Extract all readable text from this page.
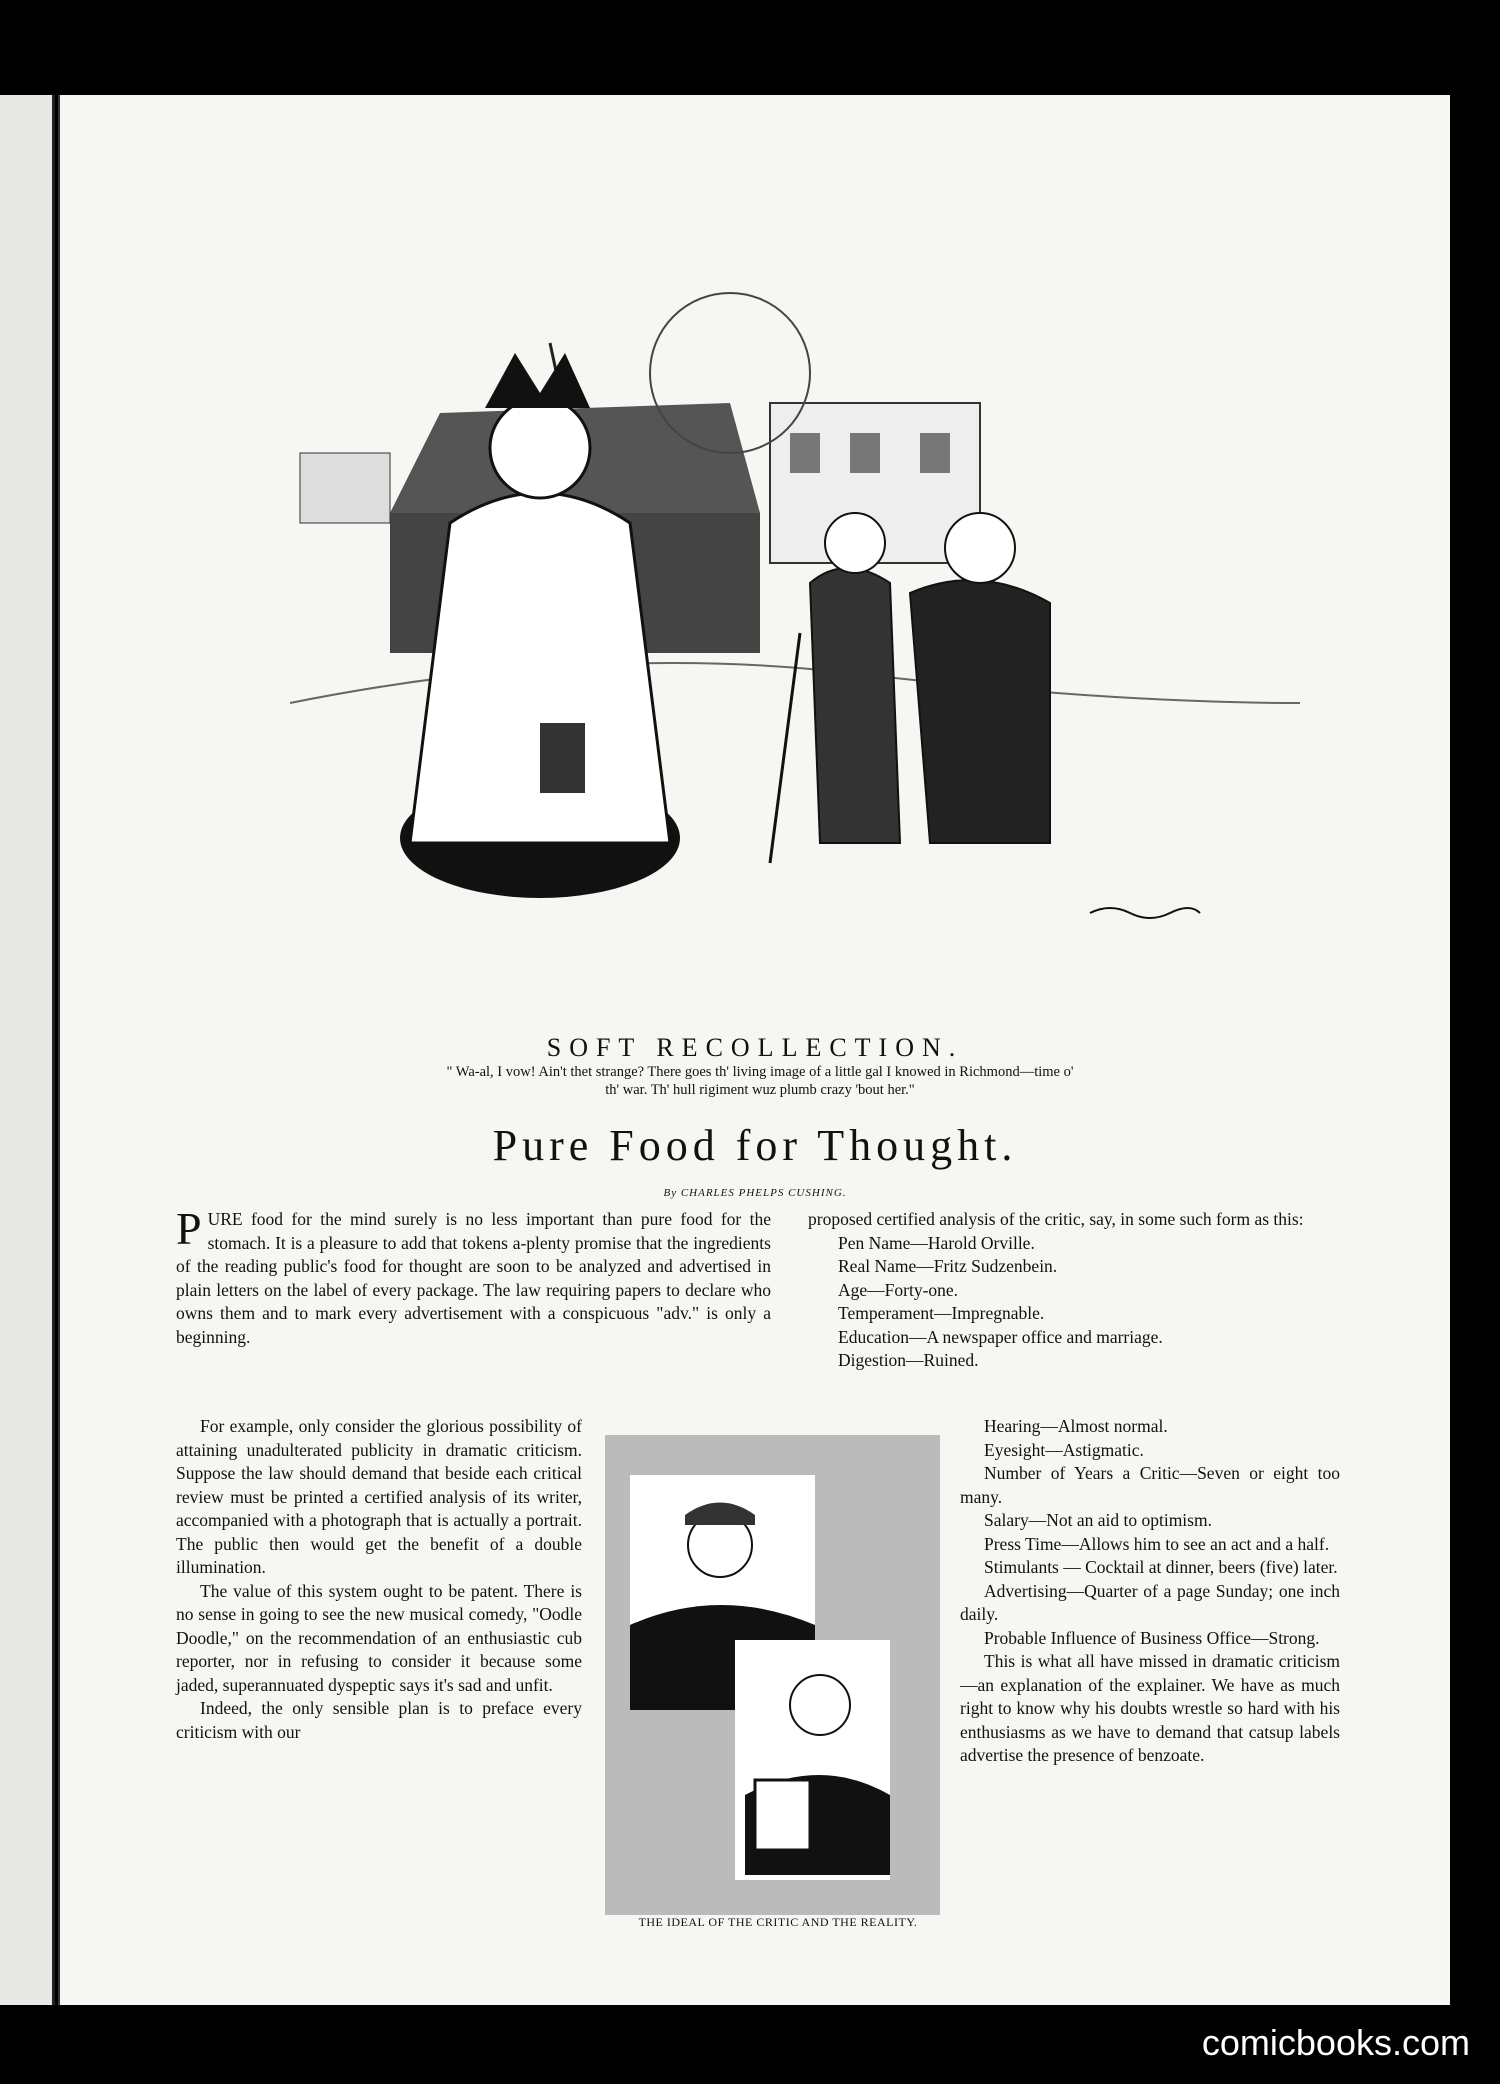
SOFT RECOLLECTION.
" Wa-al, I vow! Ain't thet strange? There goes th' living image of a little gal I knowed in Richmond—time o'
th' war. Th' hull rigiment wuz plumb crazy 'bout her."
Pure Food for Thought.
By CHARLES PHELPS CUSHING.

PURE food for the mind surely is no less important than pure food for the stomach. It is a pleasure to add that tokens a-plenty promise that the ingredients of the reading public's food for thought are soon to be analyzed and advertised in plain letters on the label of every package. The law requiring papers to declare who owns them and to mark every advertisement with a conspicuous "adv." is only a beginning.

For example, only consider the glorious possibility of attaining unadulterated publicity in dramatic criticism. Suppose the law should demand that beside each critical review must be printed a certified analysis of its writer, accompanied with a photograph that is actually a portrait. The public then would get the benefit of a double illumination.

The value of this system ought to be patent. There is no sense in going to see the new musical comedy, "Oodle Doodle," on the recommendation of an enthusiastic cub reporter, nor in refusing to consider it because some jaded, superannuated dyspeptic says it's sad and unfit.

Indeed, the only sensible plan is to preface every criticism with our

proposed certified analysis of the critic, say, in some such form as this:

Pen Name—Harold Orville.

Real Name—Fritz Sudzenbein.

Age—Forty-one.

Temperament—Impregnable.

Education—A newspaper office and marriage.

Digestion—Ruined.

Hearing—Almost normal.

Eyesight—Astigmatic.

Number of Years a Critic—Seven or eight too many.

Salary—Not an aid to optimism.

Press Time—Allows him to see an act and a half.

Stimulants — Cocktail at dinner, beers (five) later.

Advertising—Quarter of a page Sunday; one inch daily.

Probable Influence of Business Office—Strong.

This is what all have missed in dramatic criticism—an explanation of the explainer. We have as much right to know why his doubts wrestle so hard with his enthusiasms as we have to demand that catsup labels advertise the presence of benzoate.

THE IDEAL OF THE CRITIC AND THE REALITY.
comicbooks.com
